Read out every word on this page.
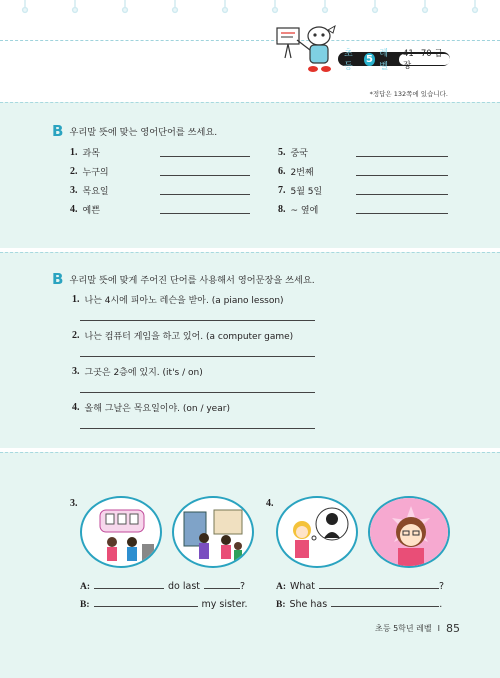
초등
5 레벨
41~70 급장
*정답은 132쪽에 있습니다.
B 우리말 뜻에 맞는 영어단어를 쓰세요.
1. 과목
2. 누구의
3. 목요일
4. 예쁜
5. 중국
6. 2번째
7. 5월 5일
8. ~ 옆에
B 우리말 뜻에 맞게 주어진 단어를 사용해서 영어문장을 쓰세요.
1. 나는 4시에 피아노 레슨을 받아. (a piano lesson)
2. 나는 컴퓨터 게임을 하고 있어. (a computer game)
3. 그곳은 2층에 있지. (it's / on)
4. 올해 그날은 목요일이야. (on / year)
3.	4.
A:	do last	?
B:	my sister.
A: What	?
B: She has	.
초등 5학년 레벨 I 85
